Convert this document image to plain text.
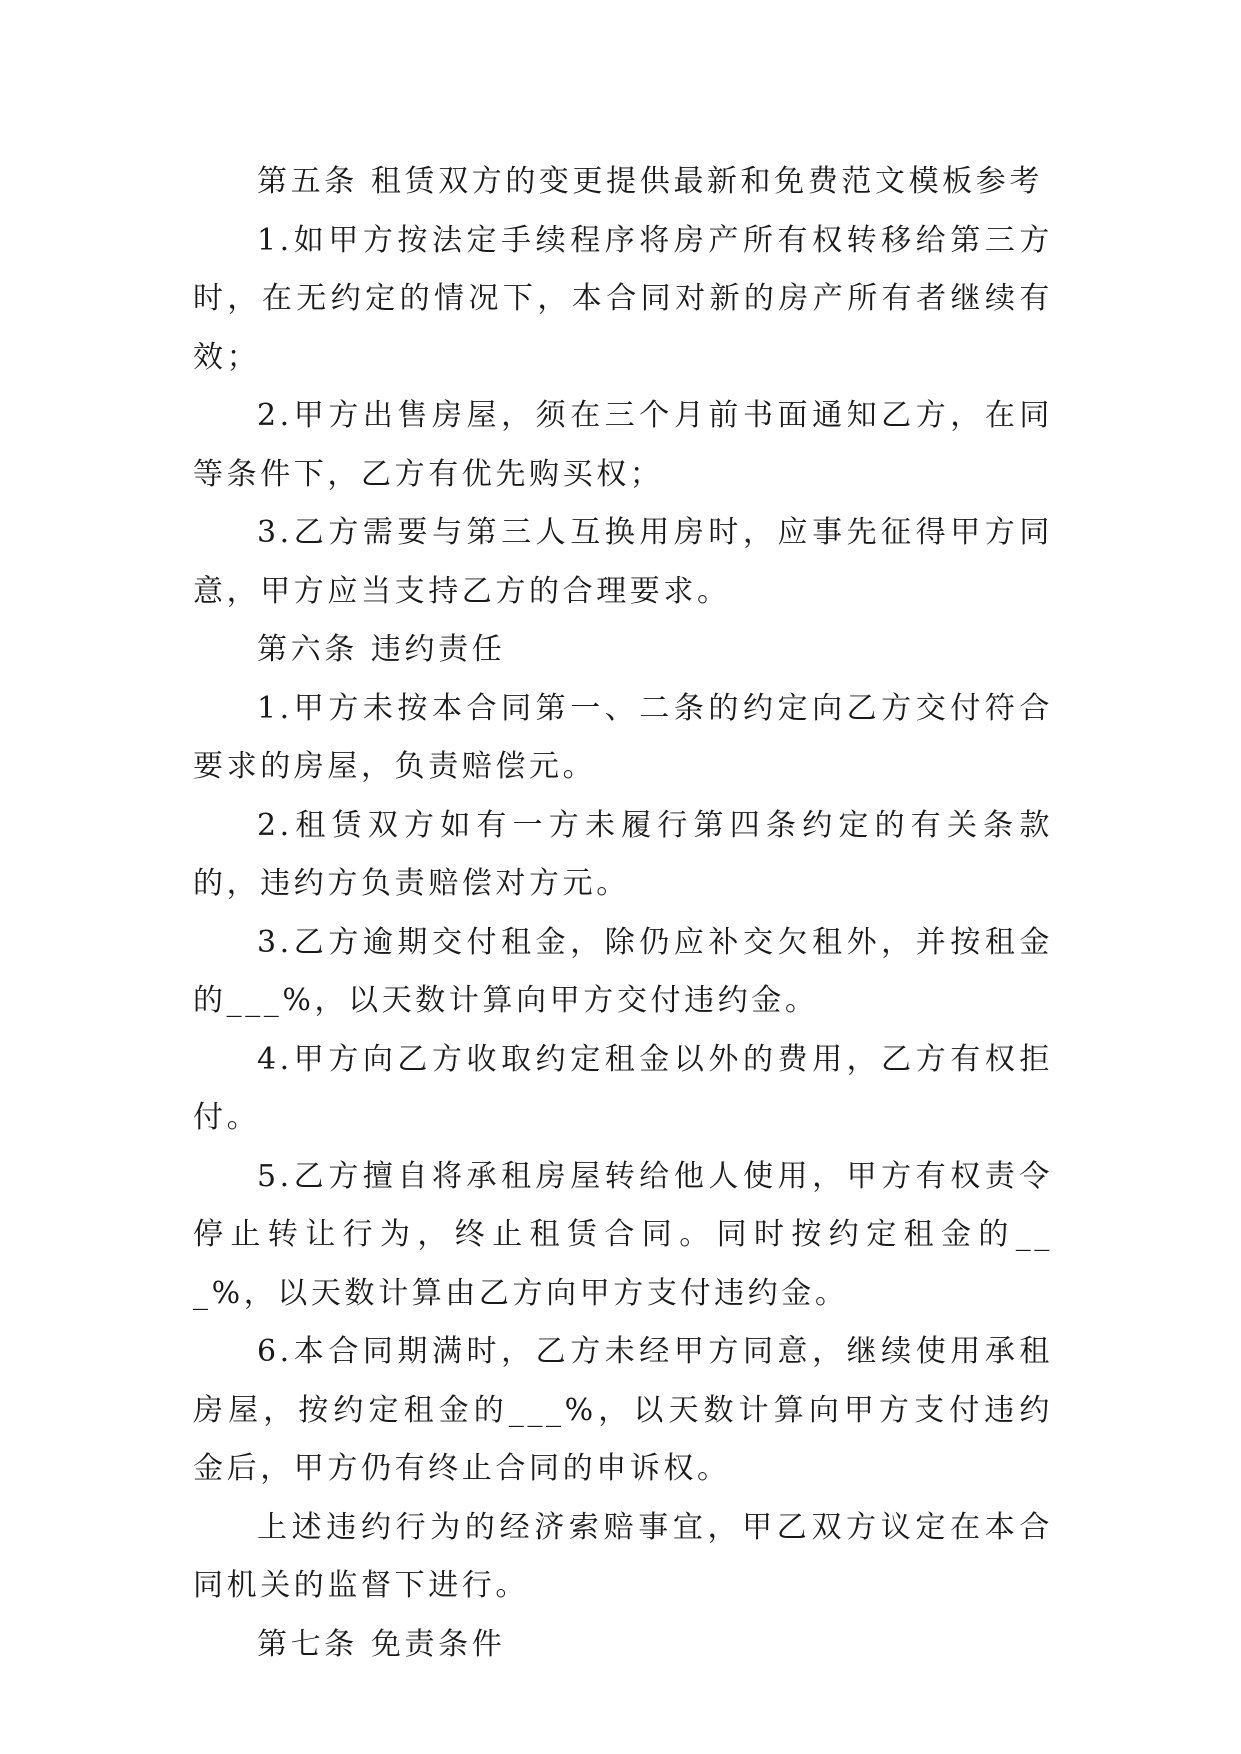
第五条 租赁双方的变更提供最新和免费范文模板参考

1.如甲方按法定手续程序将房产所有权转移给第三方时，在无约定的情况下，本合同对新的房产所有者继续有效；

2.甲方出售房屋，须在三个月前书面通知乙方，在同等条件下，乙方有优先购买权；

3.乙方需要与第三人互换用房时，应事先征得甲方同意，甲方应当支持乙方的合理要求。

第六条 违约责任

1.甲方未按本合同第一、二条的约定向乙方交付符合要求的房屋，负责赔偿元。

2.租赁双方如有一方未履行第四条约定的有关条款的，违约方负责赔偿对方元。

3.乙方逾期交付租金，除仍应补交欠租外，并按租金的___%，以天数计算向甲方交付违约金。

4.甲方向乙方收取约定租金以外的费用，乙方有权拒付。

5.乙方擅自将承租房屋转给他人使用，甲方有权责令停止转让行为，终止租赁合同。同时按约定租金的___%，以天数计算由乙方向甲方支付违约金。

6.本合同期满时，乙方未经甲方同意，继续使用承租房屋，按约定租金的___%，以天数计算向甲方支付违约金后，甲方仍有终止合同的申诉权。

上述违约行为的经济索赔事宜，甲乙双方议定在本合同机关的监督下进行。

第七条 免责条件
